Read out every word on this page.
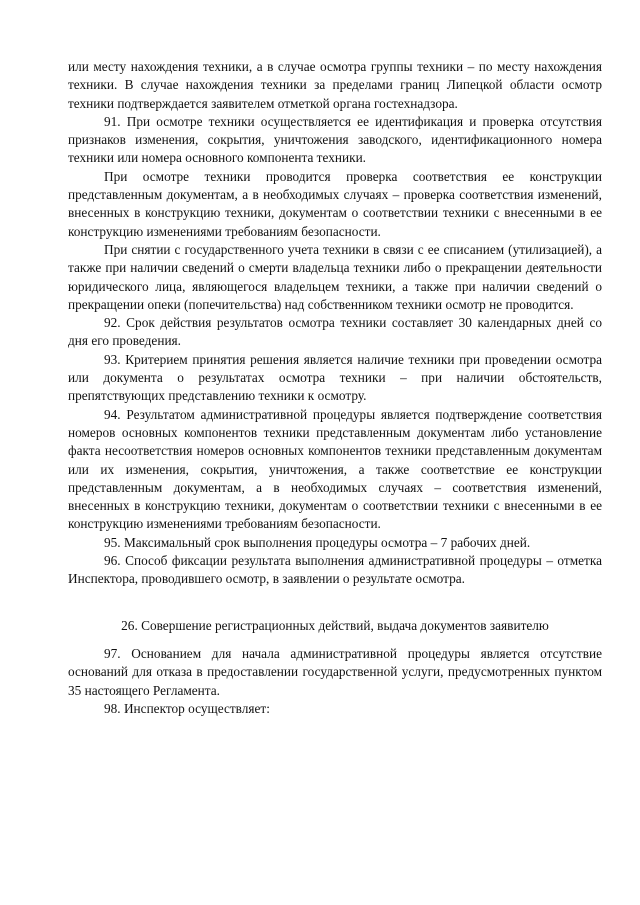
или месту нахождения техники, а в случае осмотра группы техники – по месту нахождения техники. В случае нахождения техники за пределами границ Липецкой области осмотр техники подтверждается заявителем отметкой органа гостехнадзора.

91. При осмотре техники осуществляется ее идентификация и проверка отсутствия признаков изменения, сокрытия, уничтожения заводского, идентификационного номера техники или номера основного компонента техники.

При осмотре техники проводится проверка соответствия ее конструкции представленным документам, а в необходимых случаях – проверка соответствия изменений, внесенных в конструкцию техники, документам о соответствии техники с внесенными в ее конструкцию изменениями требованиям безопасности.

При снятии с государственного учета техники в связи с ее списанием (утилизацией), а также при наличии сведений о смерти владельца техники либо о прекращении деятельности юридического лица, являющегося владельцем техники, а также при наличии сведений о прекращении опеки (попечительства) над собственником техники осмотр не проводится.

92. Срок действия результатов осмотра техники составляет 30 календарных дней со дня его проведения.

93. Критерием принятия решения является наличие техники при проведении осмотра или документа о результатах осмотра техники – при наличии обстоятельств, препятствующих представлению техники к осмотру.

94. Результатом административной процедуры является подтверждение соответствия номеров основных компонентов техники представленным документам либо установление факта несоответствия номеров основных компонентов техники представленным документам или их изменения, сокрытия, уничтожения, а также соответствие ее конструкции представленным документам, а в необходимых случаях – соответствия изменений, внесенных в конструкцию техники, документам о соответствии техники с внесенными в ее конструкцию изменениями требованиям безопасности.

95. Максимальный срок выполнения процедуры осмотра – 7 рабочих дней.

96. Способ фиксации результата выполнения административной процедуры – отметка Инспектора, проводившего осмотр, в заявлении о результате осмотра.

26. Совершение регистрационных действий, выдача документов заявителю

97. Основанием для начала административной процедуры является отсутствие оснований для отказа в предоставлении государственной услуги, предусмотренных пунктом 35 настоящего Регламента.

98. Инспектор осуществляет:
